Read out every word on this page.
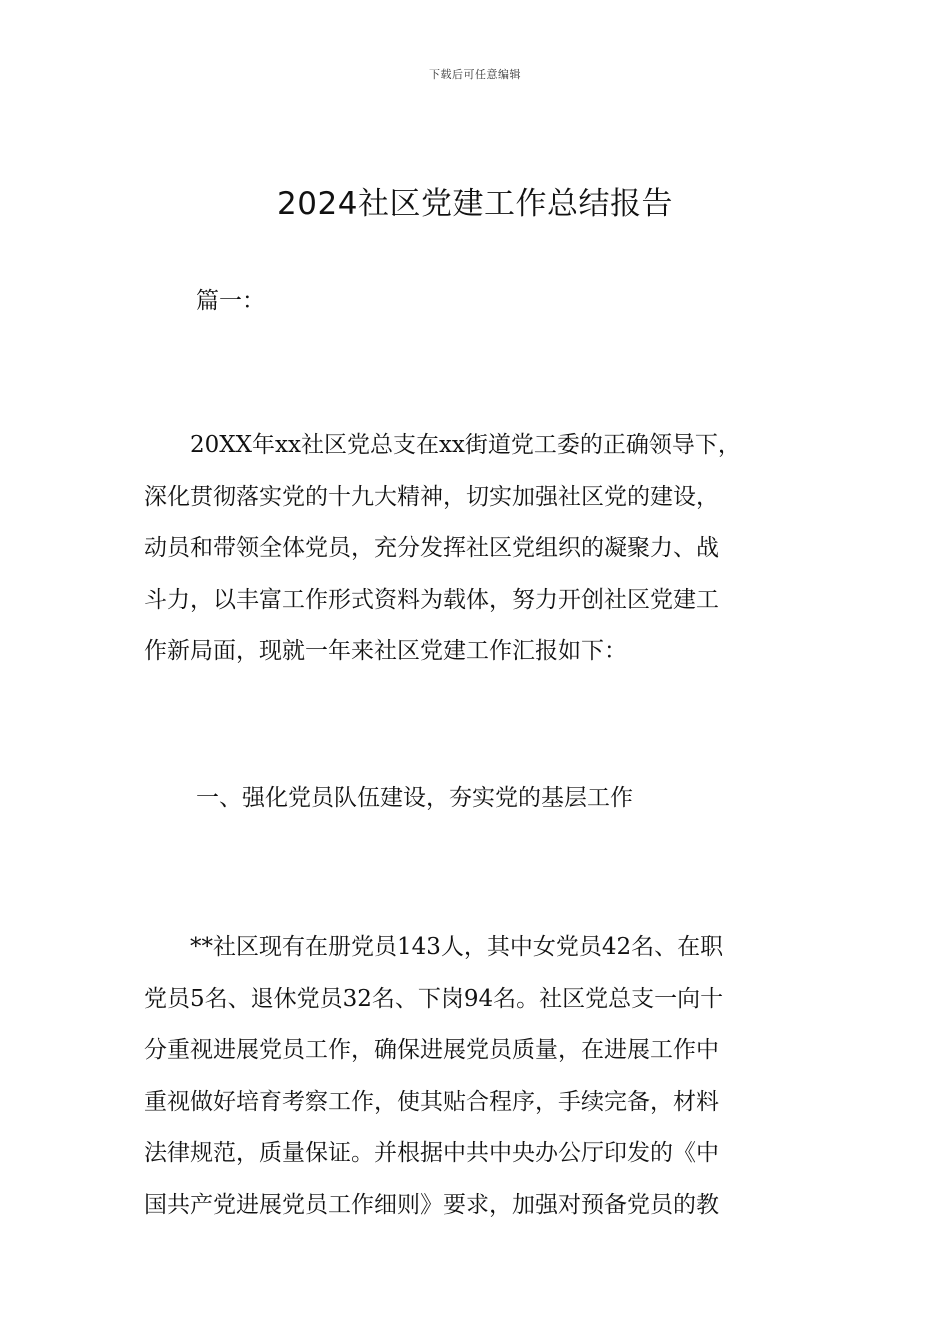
下载后可任意编辑
2024社区党建工作总结报告

篇一：

　　20XX年xx社区党总支在xx街道党工委的正确领导下，
深化贯彻落实党的十九大精神，切实加强社区党的建设，
动员和带领全体党员，充分发挥社区党组织的凝聚力、战
斗力，以丰富工作形式资料为载体，努力开创社区党建工
作新局面，现就一年来社区党建工作汇报如下：

一、强化党员队伍建设，夯实党的基层工作

　　**社区现有在册党员143人，其中女党员42名、在职
党员5名、退休党员32名、下岗94名。社区党总支一向十
分重视进展党员工作，确保进展党员质量，在进展工作中
重视做好培育考察工作，使其贴合程序，手续完备，材料
法律规范，质量保证。并根据中共中央办公厅印发的《中
国共产党进展党员工作细则》要求，加强对预备党员的教
